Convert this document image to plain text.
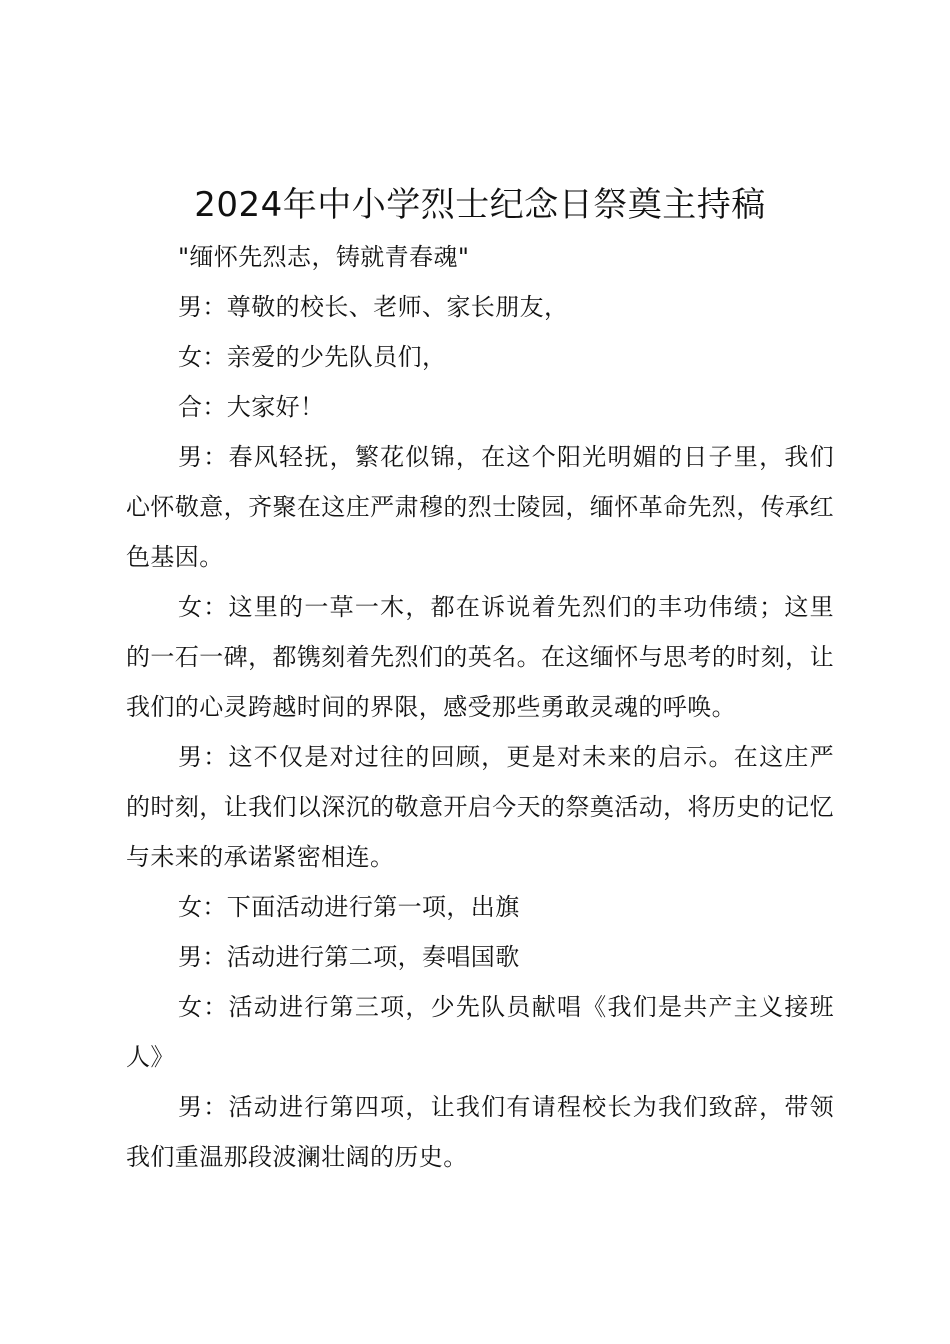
2024年中小学烈士纪念日祭奠主持稿

"缅怀先烈志，铸就青春魂"

男：尊敬的校长、老师、家长朋友，

女：亲爱的少先队员们，

合：大家好！

男：春风轻抚，繁花似锦，在这个阳光明媚的日子里，我们心怀敬意，齐聚在这庄严肃穆的烈士陵园，缅怀革命先烈，传承红色基因。

女：这里的一草一木，都在诉说着先烈们的丰功伟绩；这里的一石一碑，都镌刻着先烈们的英名。在这缅怀与思考的时刻，让我们的心灵跨越时间的界限，感受那些勇敢灵魂的呼唤。

男：这不仅是对过往的回顾，更是对未来的启示。在这庄严的时刻，让我们以深沉的敬意开启今天的祭奠活动，将历史的记忆与未来的承诺紧密相连。

女：下面活动进行第一项，出旗

男：活动进行第二项，奏唱国歌

女：活动进行第三项，少先队员献唱《我们是共产主义接班人》

男：活动进行第四项，让我们有请程校长为我们致辞，带领我们重温那段波澜壮阔的历史。
